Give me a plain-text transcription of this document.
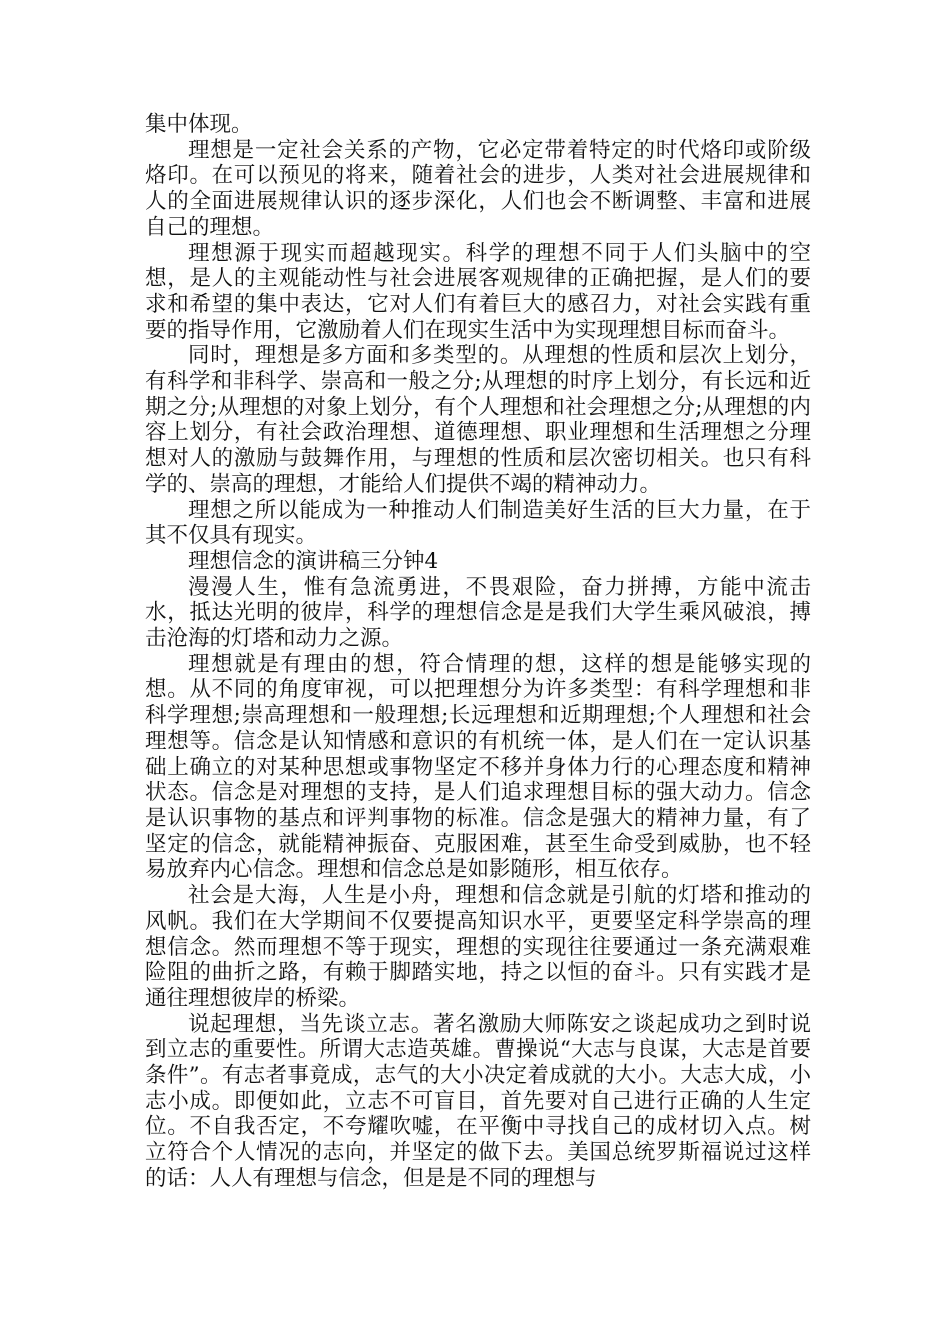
集中体现。

理想是一定社会关系的产物，它必定带着特定的时代烙印或阶级烙印。在可以预见的将来，随着社会的进步，人类对社会进展规律和人的全面进展规律认识的逐步深化，人们也会不断调整、丰富和进展自己的理想。

理想源于现实而超越现实。科学的理想不同于人们头脑中的空想，是人的主观能动性与社会进展客观规律的正确把握，是人们的要求和希望的集中表达，它对人们有着巨大的感召力，对社会实践有重要的指导作用，它激励着人们在现实生活中为实现理想目标而奋斗。

同时，理想是多方面和多类型的。从理想的性质和层次上划分，有科学和非科学、崇高和一般之分;从理想的时序上划分，有长远和近期之分;从理想的对象上划分，有个人理想和社会理想之分;从理想的内容上划分，有社会政治理想、道德理想、职业理想和生活理想之分理想对人的激励与鼓舞作用，与理想的性质和层次密切相关。也只有科学的、崇高的理想，才能给人们提供不竭的精神动力。

理想之所以能成为一种推动人们制造美好生活的巨大力量，在于其不仅具有现实。

理想信念的演讲稿三分钟4

漫漫人生，惟有急流勇进，不畏艰险，奋力拼搏，方能中流击水，抵达光明的彼岸，科学的理想信念是是我们大学生乘风破浪，搏击沧海的灯塔和动力之源。

理想就是有理由的想，符合情理的想，这样的想是能够实现的想。从不同的角度审视，可以把理想分为许多类型：有科学理想和非科学理想;崇高理想和一般理想;长远理想和近期理想;个人理想和社会理想等。信念是认知情感和意识的有机统一体，是人们在一定认识基础上确立的对某种思想或事物坚定不移并身体力行的心理态度和精神状态。信念是对理想的支持，是人们追求理想目标的强大动力。信念是认识事物的基点和评判事物的标准。信念是强大的精神力量，有了坚定的信念，就能精神振奋、克服困难，甚至生命受到威胁，也不轻易放弃内心信念。理想和信念总是如影随形，相互依存。

社会是大海，人生是小舟，理想和信念就是引航的灯塔和推动的风帆。我们在大学期间不仅要提高知识水平，更要坚定科学崇高的理想信念。然而理想不等于现实，理想的实现往往要通过一条充满艰难险阻的曲折之路，有赖于脚踏实地，持之以恒的奋斗。只有实践才是通往理想彼岸的桥梁。

说起理想，当先谈立志。著名激励大师陈安之谈起成功之到时说到立志的重要性。所谓大志造英雄。曹操说“大志与良谋，大志是首要条件”。有志者事竟成，志气的大小决定着成就的大小。大志大成，小志小成。即便如此，立志不可盲目，首先要对自己进行正确的人生定位。不自我否定，不夸耀吹嘘，在平衡中寻找自己的成材切入点。树立符合个人情况的志向，并坚定的做下去。美国总统罗斯福说过这样的话：人人有理想与信念，但是是不同的理想与
